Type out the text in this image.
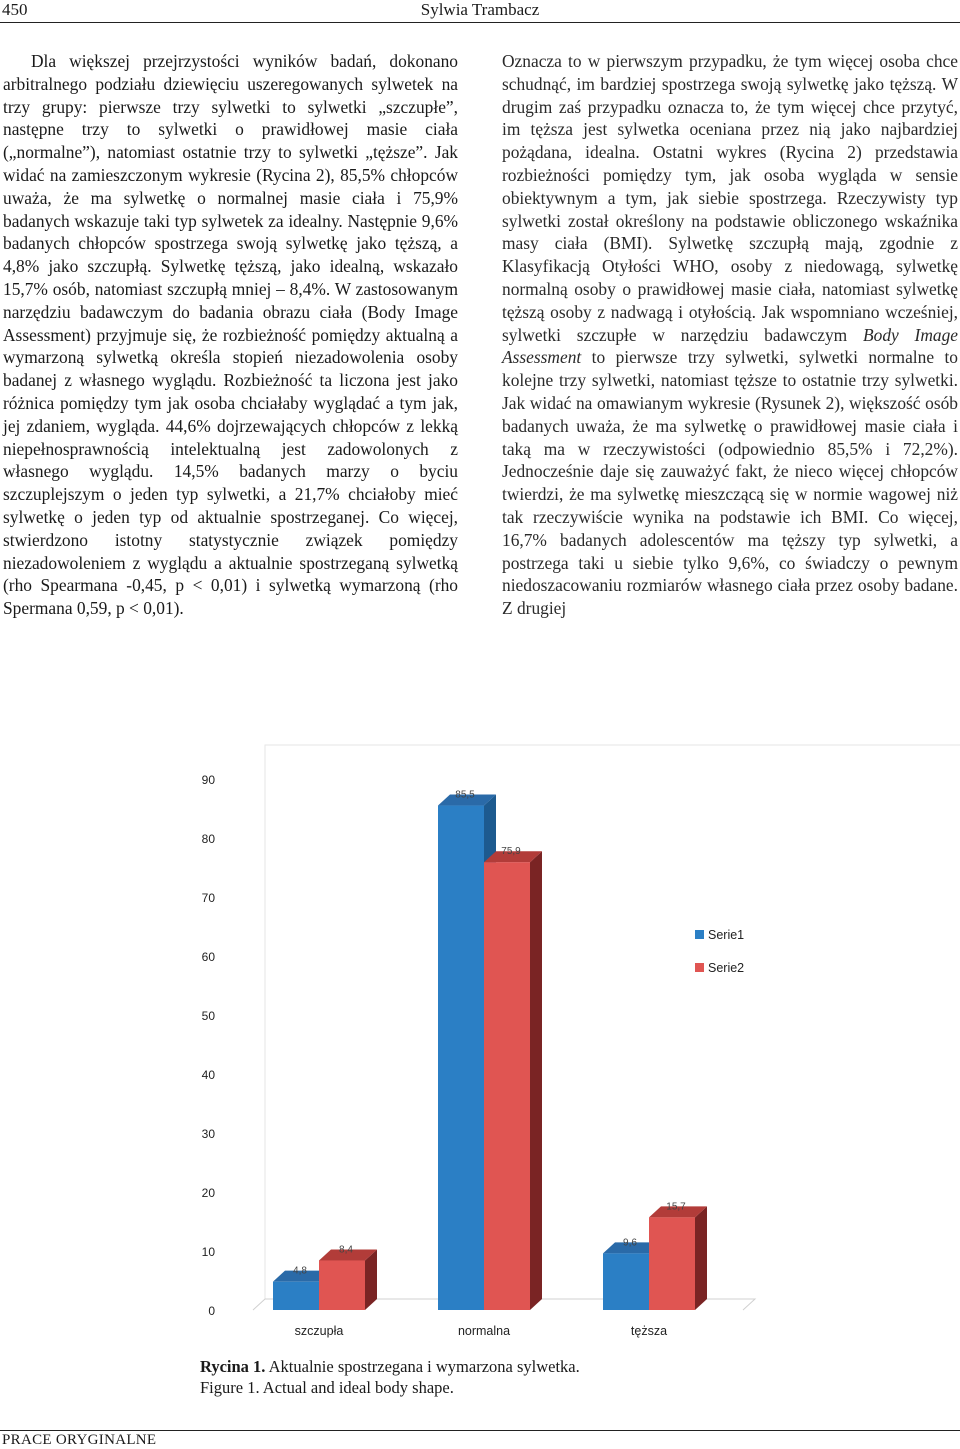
450	Sylwia Trambacz

Dla większej przejrzystości wyników badań, dokonano arbitralnego podziału dziewięciu uszeregowanych sylwetek na trzy grupy: pierwsze trzy sylwetki to sylwetki „szczupłe”, następne trzy to sylwetki o prawidłowej masie ciała („normalne”), natomiast ostatnie trzy to sylwetki „tęższe”. Jak widać na zamieszczonym wykresie (Rycina 2), 85,5% chłopców uważa, że ma sylwetkę o normalnej masie ciała i 75,9% badanych wskazuje taki typ sylwetek za idealny. Następnie 9,6% badanych chłopców spostrzega swoją sylwetkę jako tęższą, a 4,8% jako szczupłą. Sylwetkę tęższą, jako idealną, wskazało 15,7% osób, natomiast szczupłą mniej – 8,4%. W zastosowanym narzędziu badawczym do badania obrazu ciała (Body Image Assessment) przyjmuje się, że rozbieżność pomiędzy aktualną a wymarzoną sylwetką określa stopień niezadowolenia osoby badanej z własnego wyglądu. Rozbieżność ta liczona jest jako różnica pomiędzy tym jak osoba chciałaby wyglądać a tym jak, jej zdaniem, wygląda. 44,6% dojrzewających chłopców z lekką niepełnosprawnością intelektualną jest zadowolonych z własnego wyglądu. 14,5% badanych marzy o byciu szczuplejszym o jeden typ sylwetki, a 21,7% chciałoby mieć sylwetkę o jeden typ od aktualnie spostrzeganej. Co więcej, stwierdzono istotny statystycznie związek pomiędzy niezadowoleniem z wyglądu a aktualnie spostrzeganą sylwetką (rho Spearmana -0,45, p < 0,01) i sylwetką wymarzoną (rho Spermana 0,59, p < 0,01).

Oznacza to w pierwszym przypadku, że tym więcej osoba chce schudnąć, im bardziej spostrzega swoją sylwetkę jako tęższą. W drugim zaś przypadku oznacza to, że tym więcej chce przytyć, im tęższa jest sylwetka oceniana przez nią jako najbardziej pożądana, idealna. Ostatni wykres (Rycina 2) przedstawia rozbieżności pomiędzy tym, jak osoba wygląda w sensie obiektywnym a tym, jak siebie spostrzega. Rzeczywisty typ sylwetki został określony na podstawie obliczonego wskaźnika masy ciała (BMI). Sylwetkę szczupłą mają, zgodnie z Klasyfikacją Otyłości WHO, osoby z niedowagą, sylwetkę normalną osoby o prawidłowej masie ciała, natomiast sylwetkę tęższą osoby z nadwagą i otyłością. Jak wspomniano wcześniej, sylwetki szczupłe w narzędziu badawczym Body Image Assessment to pierwsze trzy sylwetki, sylwetki normalne to kolejne trzy sylwetki, natomiast tęższe to ostatnie trzy sylwetki. Jak widać na omawianym wykresie (Rysunek 2), większość osób badanych uważa, że ma sylwetkę o prawidłowej masie ciała i taką ma w rzeczywistości (odpowiednio 85,5% i 72,2%). Jednocześnie daje się zauważyć fakt, że nieco więcej chłopców twierdzi, że ma sylwetkę mieszczącą się w normie wagowej niż tak rzeczywiście wynika na podstawie ich BMI. Co więcej, 16,7% badanych adolescentów ma tęższy typ sylwetki, a postrzega taki u siebie tylko 9,6%, co świadczy o pewnym niedoszacowaniu rozmiarów własnego ciała przez osoby badane. Z drugiej

0
10
20
30
40
50
60
70
80
90
szczupła	normalna	tęższa
4,8
85,5
9,6
8,4
75,9
15,7
Serie1
Serie2
Rycina 1. Aktualnie spostrzegana i wymarzona sylwetka.
Figure 1. Actual and ideal body shape.
PRACE ORYGINALNE
